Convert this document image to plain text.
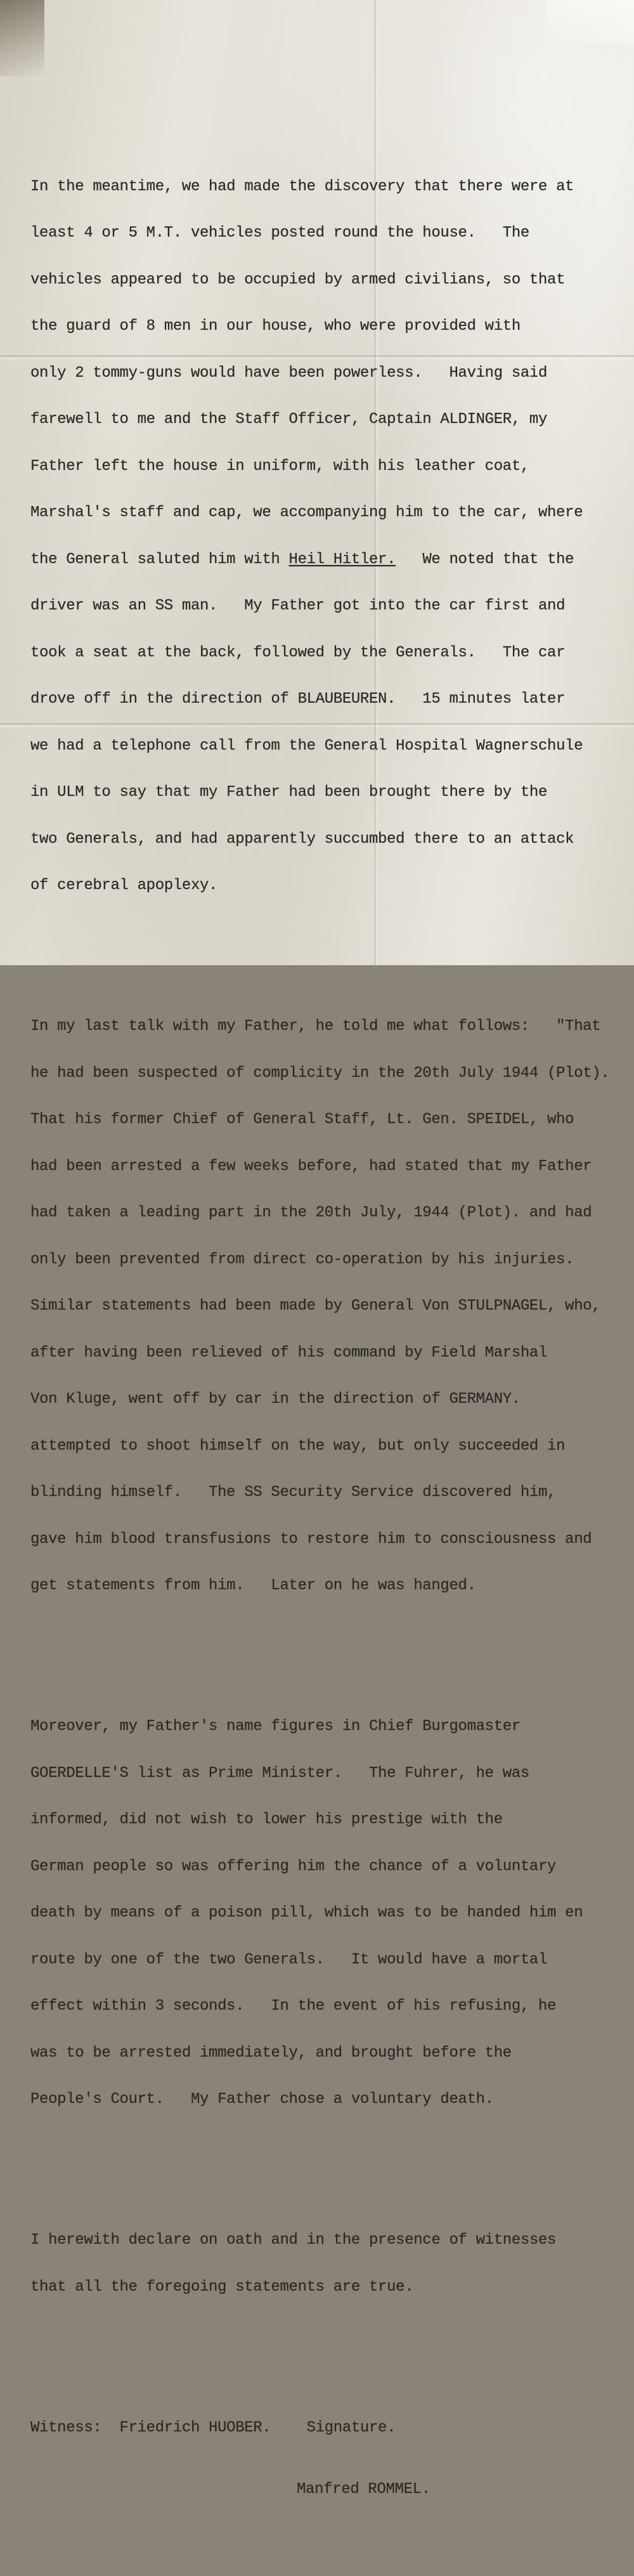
In the meantime, we had made the discovery that there were at

least 4 or 5 M.T. vehicles posted round the house.   The

vehicles appeared to be occupied by armed civilians, so that

the guard of 8 men in our house, who were provided with

only 2 tommy-guns would have been powerless.   Having said

farewell to me and the Staff Officer, Captain ALDINGER, my

Father left the house in uniform, with his leather coat,

Marshal's staff and cap, we accompanying him to the car, where

the General saluted him with Heil Hitler.   We noted that the

driver was an SS man.   My Father got into the car first and

took a seat at the back, followed by the Generals.   The car

drove off in the direction of BLAUBEUREN.   15 minutes later

we had a telephone call from the General Hospital Wagnerschule

in ULM to say that my Father had been brought there by the

two Generals, and had apparently succumbed there to an attack

of cerebral apoplexy.

In my last talk with my Father, he told me what follows:   "That

he had been suspected of complicity in the 20th July 1944 (Plot).

That his former Chief of General Staff, Lt. Gen. SPEIDEL, who

had been arrested a few weeks before, had stated that my Father

had taken a leading part in the 20th July, 1944 (Plot). and had

only been prevented from direct co-operation by his injuries.

Similar statements had been made by General Von STULPNAGEL, who,

after having been relieved of his command by Field Marshal

Von Kluge, went off by car in the direction of GERMANY.

attempted to shoot himself on the way, but only succeeded in

blinding himself.   The SS Security Service discovered him,

gave him blood transfusions to restore him to consciousness and

get statements from him.   Later on he was hanged.

Moreover, my Father's name figures in Chief Burgomaster

GOERDELLE'S list as Prime Minister.   The Fuhrer, he was

informed, did not wish to lower his prestige with the

German people so was offering him the chance of a voluntary

death by means of a poison pill, which was to be handed him en

route by one of the two Generals.   It would have a mortal

effect within 3 seconds.   In the event of his refusing, he

was to be arrested immediately, and brought before the

People's Court.   My Father chose a voluntary death.

I herewith declare on oath and in the presence of witnesses

that all the foregoing statements are true.

Witness:  Friedrich HUOBER.    Signature.

Manfred ROMMEL.
